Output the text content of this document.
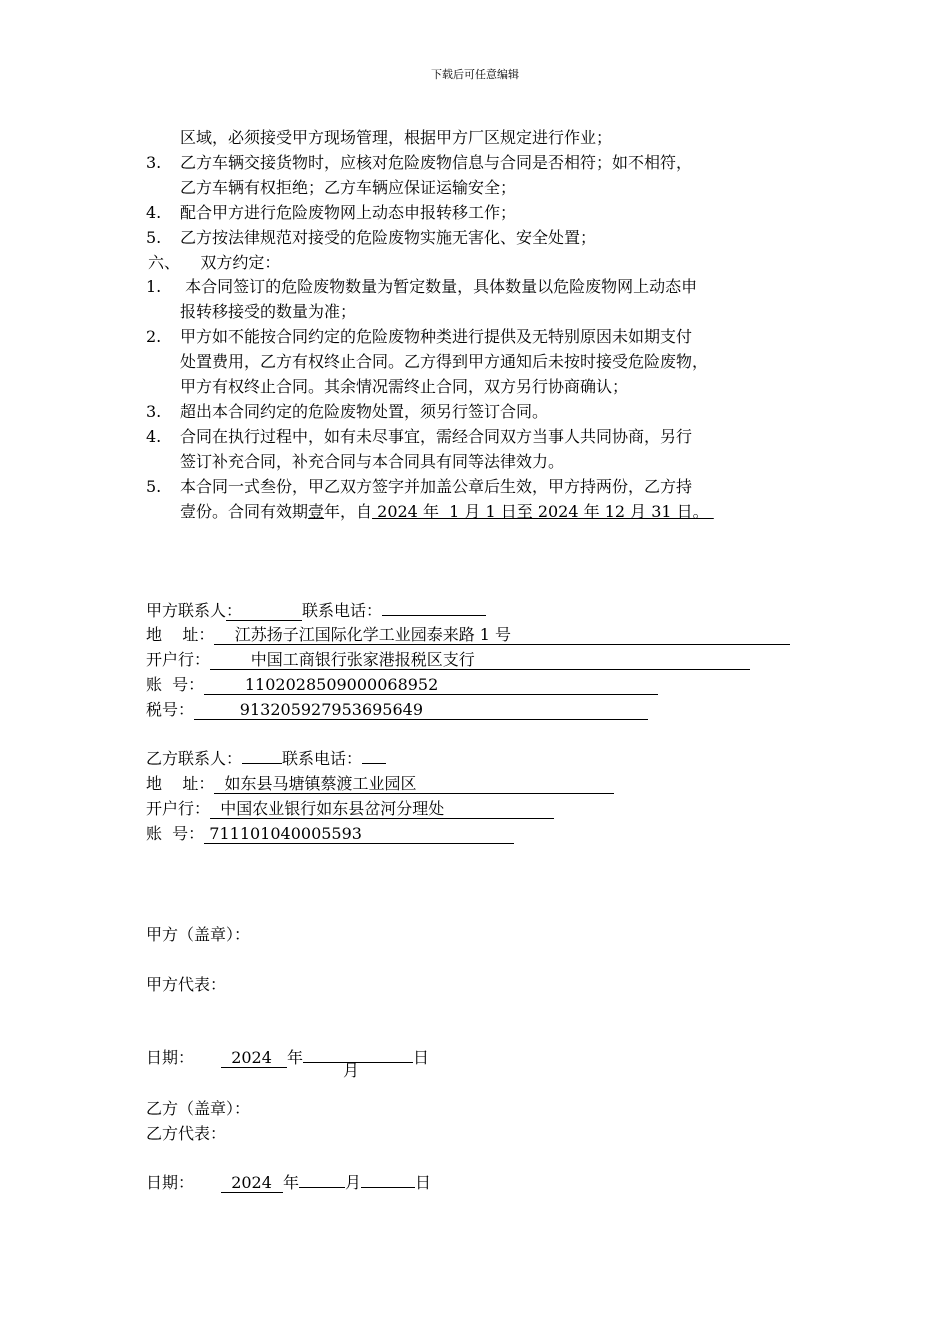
下载后可任意编辑
区域，必须接受甲方现场管理，根据甲方厂区规定进行作业；
3. 乙方车辆交接货物时，应核对危险废物信息与合同是否相符；如不相符，
乙方车辆有权拒绝；乙方车辆应保证运输安全；
4. 配合甲方进行危险废物网上动态申报转移工作；
5. 乙方按法律规范对接受的危险废物实施无害化、安全处置；
六、    双方约定：
1. 本合同签订的危险废物数量为暂定数量，具体数量以危险废物网上动态申
报转移接受的数量为准；
2. 甲方如不能按合同约定的危险废物种类进行提供及无特别原因未如期支付
处置费用，乙方有权终止合同。乙方得到甲方通知后未按时接受危险废物，
甲方有权终止合同。其余情况需终止合同，双方另行协商确认；
3. 超出本合同约定的危险废物处置，须另行签订合同。
4. 合同在执行过程中，如有未尽事宜，需经合同双方当事人共同协商，另行
签订补充合同，补充合同与本合同具有同等法律效力。
5. 本合同一式叁份，甲乙双方签字并加盖公章后生效，甲方持两份，乙方持
壹份。合同有效期壹年，自 2024 年  1 月 1 日至 2024 年 12 月 31 日。
甲方联系人：	联系电话：
地    址：    江苏扬子江国际化学工业园泰来路 1 号
开户行：        中国工商银行张家港报税区支行
账  号：        1102028509000068952
税号：         913205927953695649
乙方联系人：	联系电话：
地    址：  如东县马塘镇蔡渡工业园区
开户行：  中国农业银行如东县岔河分理处
账  号： 711101040005593
甲方（盖章）：
甲方代表：
日期：  2024 年
月
日
乙方（盖章）：
乙方代表：
日期：  2024 年	月	日
